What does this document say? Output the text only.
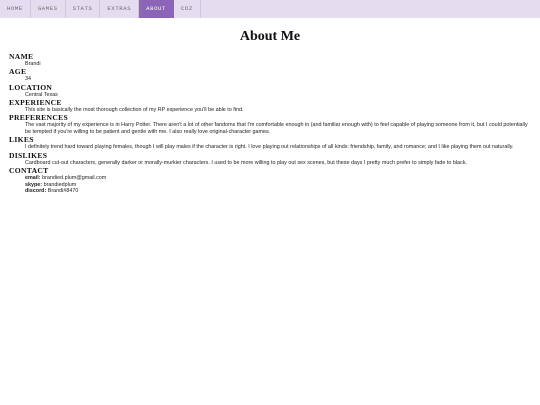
HOME	GAMES	STATS	EXTRAS	ABOUT	CDZ
About Me
NAME
Brandi
AGE
34
LOCATION
Central Texas
EXPERIENCE
This site is basically the most thorough collection of my RP experience you'll be able to find.
PREFERENCES
The vast majority of my experience is in Harry Potter. There aren't a lot of other fandoms that I'm comfortable enough in (and familiar enough with) to feel capable of playing someone from it, but I could potentially be tempted if you're willing to be patient and gentle with me. I also really love original-character games.
LIKES
I definitely trend hard toward playing females, though I will play males if the character is right. I love playing out relationships of all kinds: friendship, family, and romance; and I like playing them out naturally.
DISLIKES
Cardboard cut-out characters, generally darker or morally-murkier characters. I used to be more willing to play out sex scenes, but these days I pretty much prefer to simply fade to black.
CONTACT
email: brandied.plum@gmail.com
skype: brandiedplum
discord: Brandi#8470
